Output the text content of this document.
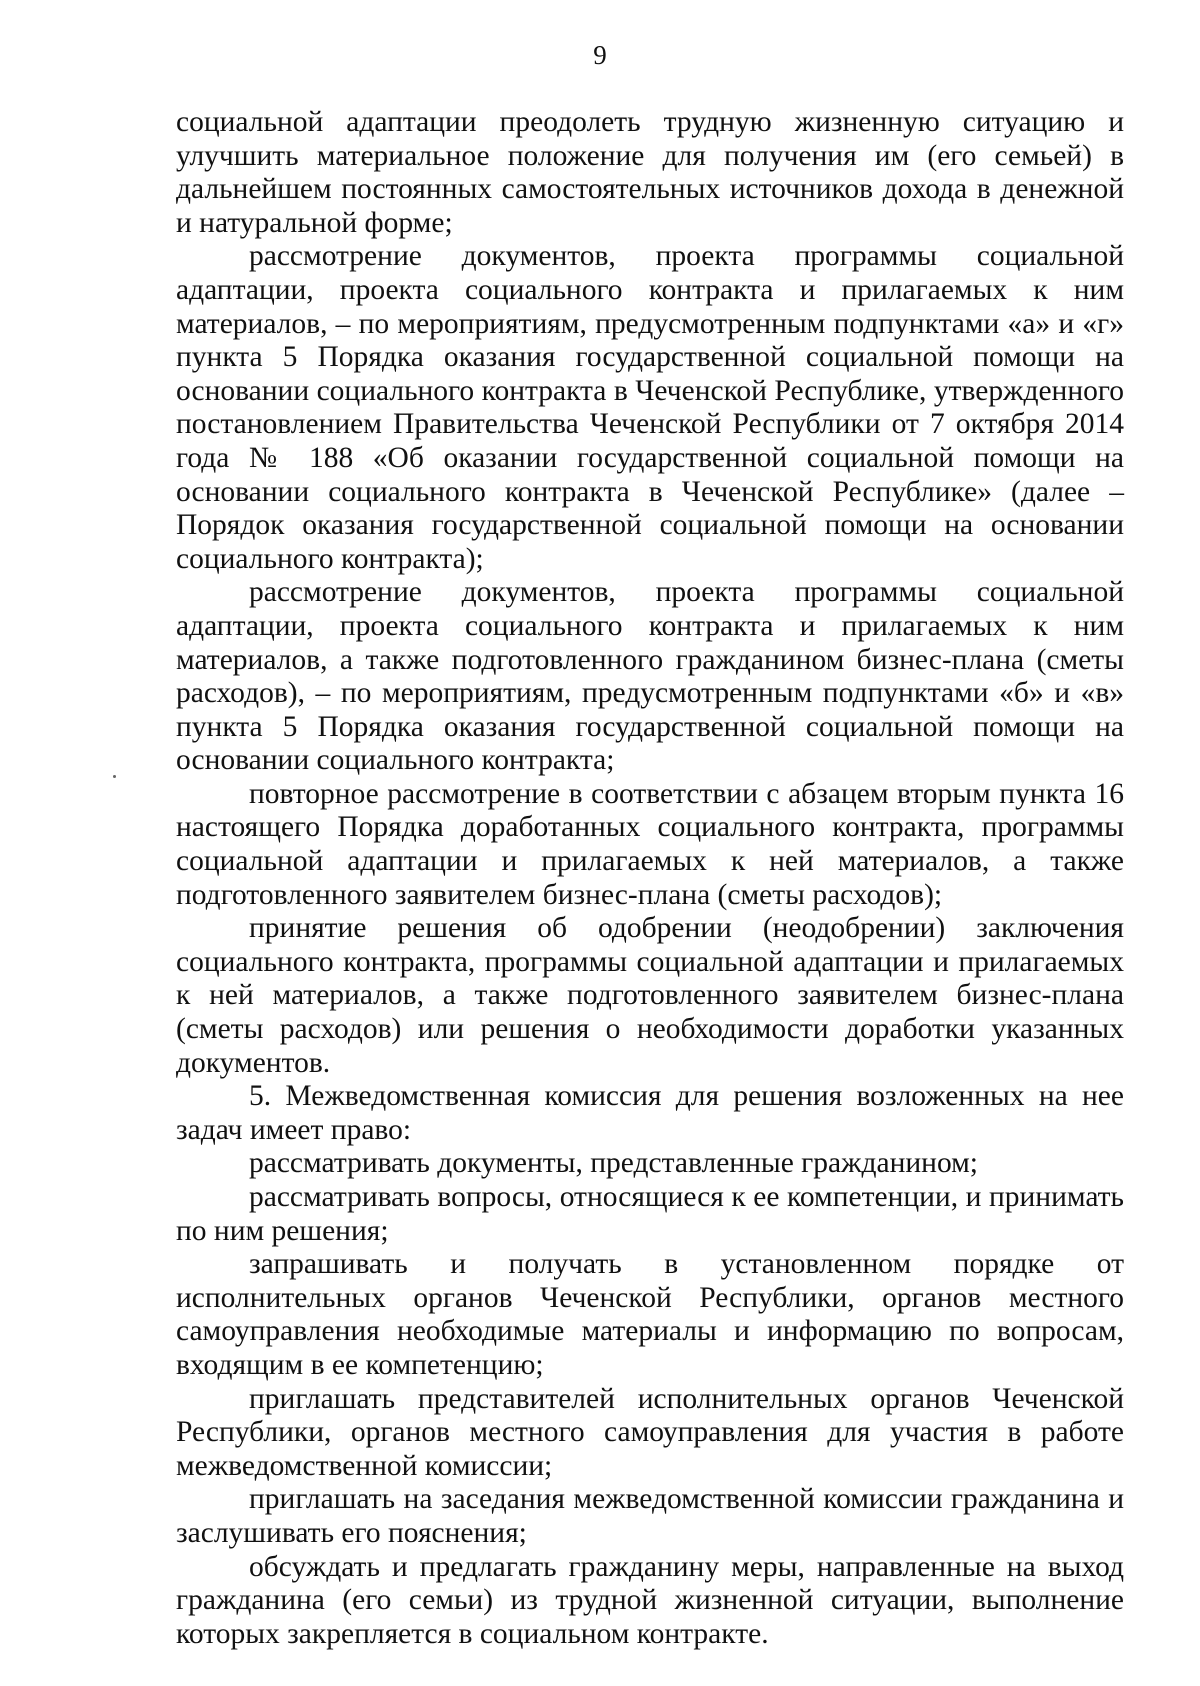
9

социальной адаптации преодолеть трудную жизненную ситуацию и улучшить материальное положение для получения им (его семьей) в дальнейшем постоянных самостоятельных источников дохода в денежной и натуральной форме;

рассмотрение документов, проекта программы социальной адаптации, проекта социального контракта и прилагаемых к ним материалов, – по мероприятиям, предусмотренным подпунктами «а» и «г» пункта 5 Порядка оказания государственной социальной помощи на основании социального контракта в Чеченской Республике, утвержденного постановлением Правительства Чеченской Республики от 7 октября 2014 года № 188 «Об оказании государственной социальной помощи на основании социального контракта в Чеченской Республике» (далее – Порядок оказания государственной социальной помощи на основании социального контракта);

рассмотрение документов, проекта программы социальной адаптации, проекта социального контракта и прилагаемых к ним материалов, а также подготовленного гражданином бизнес-плана (сметы расходов), – по мероприятиям, предусмотренным подпунктами «б» и «в» пункта 5 Порядка оказания государственной социальной помощи на основании социального контракта;

повторное рассмотрение в соответствии с абзацем вторым пункта 16 настоящего Порядка доработанных социального контракта, программы социальной адаптации и прилагаемых к ней материалов, а также подготовленного заявителем бизнес-плана (сметы расходов);

принятие решения об одобрении (неодобрении) заключения социального контракта, программы социальной адаптации и прилагаемых к ней материалов, а также подготовленного заявителем бизнес-плана (сметы расходов) или решения о необходимости доработки указанных документов.

5. Межведомственная комиссия для решения возложенных на нее задач имеет право:

рассматривать документы, представленные гражданином;

рассматривать вопросы, относящиеся к ее компетенции, и принимать по ним решения;

запрашивать и получать в установленном порядке от исполнительных органов Чеченской Республики, органов местного самоуправления необходимые материалы и информацию по вопросам, входящим в ее компетенцию;

приглашать представителей исполнительных органов Чеченской Республики, органов местного самоуправления для участия в работе межведомственной комиссии;

приглашать на заседания межведомственной комиссии гражданина и заслушивать его пояснения;

обсуждать и предлагать гражданину меры, направленные на выход гражданина (его семьи) из трудной жизненной ситуации, выполнение которых закрепляется в социальном контракте.
